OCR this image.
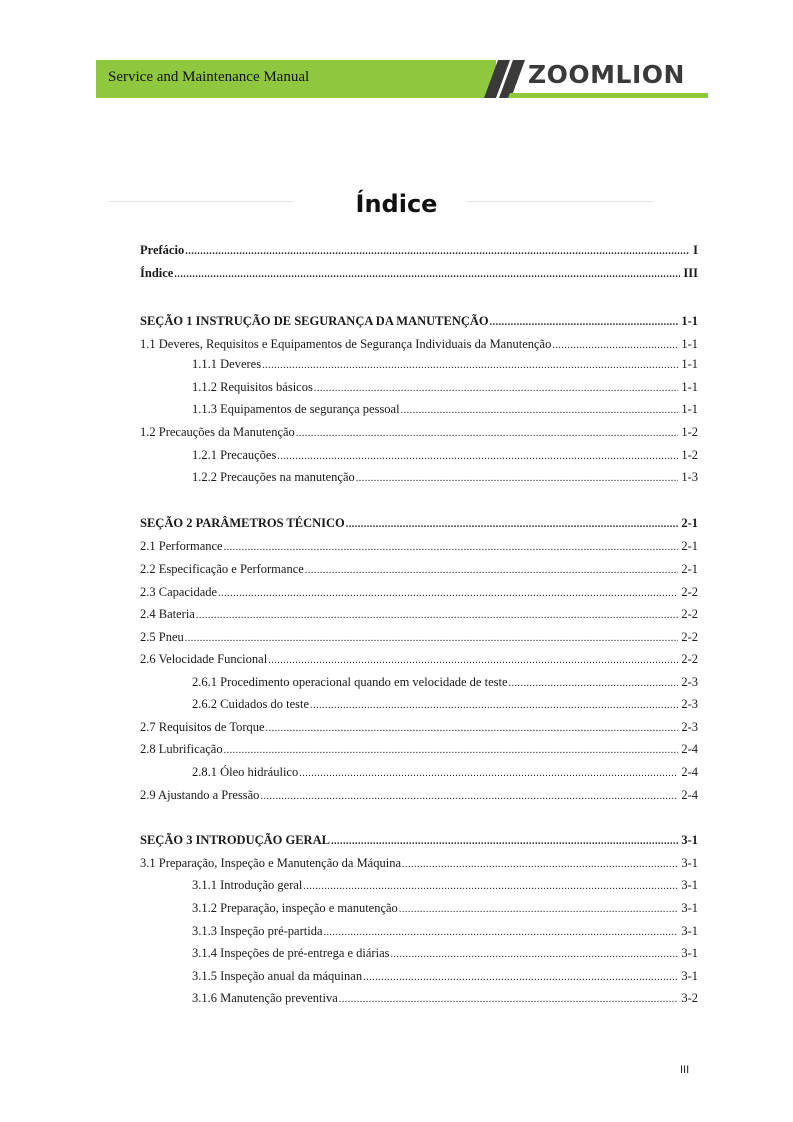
Service and Maintenance Manual	ZOOMLION
Índice
Prefácio .....	I
Índice .....	III
SEÇÃO 1 INSTRUÇÃO DE SEGURANÇA DA MANUTENÇÃO .....	1-1
1.1 Deveres, Requisitos e Equipamentos de Segurança Individuais da Manutenção .....	1-1
1.1.1 Deveres .....	1-1
1.1.2 Requisitos básicos .....	1-1
1.1.3 Equipamentos de segurança pessoal .....	1-1
1.2 Precauções da Manutenção .....	1-2
1.2.1 Precauções .....	1-2
1.2.2 Precauções na manutenção .....	1-3
SEÇÃO 2 PARÂMETROS TÉCNICO .....	2-1
2.1 Performance .....	2-1
2.2 Especificação e Performance .....	2-1
2.3 Capacidade .....	2-2
2.4 Bateria .....	2-2
2.5 Pneu .....	2-2
2.6 Velocidade Funcional .....	2-2
2.6.1 Procedimento operacional quando em velocidade de teste .....	2-3
2.6.2 Cuidados do teste .....	2-3
2.7 Requisitos de Torque .....	2-3
2.8 Lubrificação .....	2-4
2.8.1 Óleo hidráulico .....	2-4
2.9 Ajustando a Pressão .....	2-4
SEÇÃO 3 INTRODUÇÃO GERAL .....	3-1
3.1 Preparação, Inspeção e Manutenção da Máquina .....	3-1
3.1.1 Introdução geral .....	3-1
3.1.2 Preparação, inspeção e manutenção .....	3-1
3.1.3 Inspeção pré-partida .....	3-1
3.1.4 Inspeções de pré-entrega e diárias .....	3-1
3.1.5 Inspeção anual da máquinan .....	3-1
3.1.6 Manutenção preventiva .....	3-2
III
